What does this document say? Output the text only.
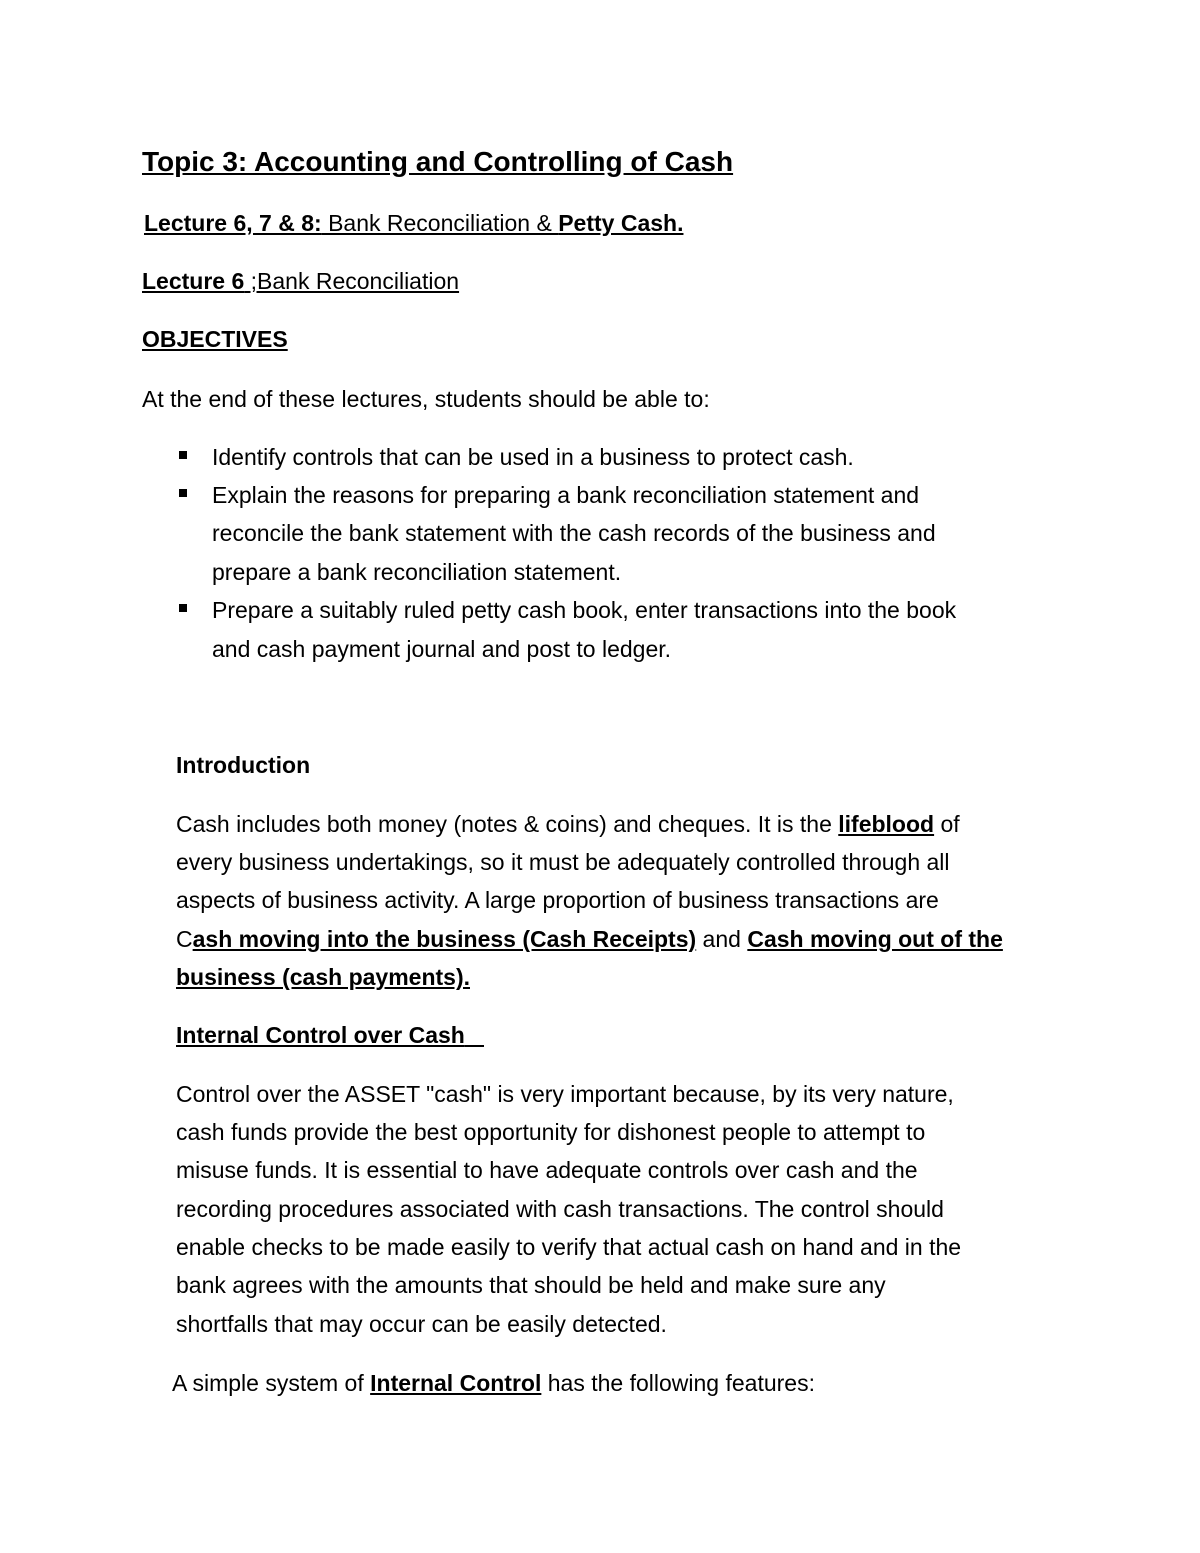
Topic 3: Accounting and Controlling of Cash
Lecture 6, 7 & 8: Bank Reconciliation & Petty Cash.
Lecture 6 ;Bank Reconciliation
OBJECTIVES
At the end of these lectures, students should be able to:
Identify controls that can be used in a business to protect cash.
Explain the reasons for preparing a bank reconciliation statement and
reconcile the bank statement with the cash records of the business and
prepare a bank reconciliation statement.
Prepare a suitably ruled petty cash book, enter transactions into the book
and cash payment journal and post to ledger.
Introduction
Cash includes both money (notes & coins) and cheques. It is the lifeblood of
every business undertakings, so it must be adequately controlled through all
aspects of business activity. A large proportion of business transactions are
Cash moving into the business (Cash Receipts) and Cash moving out of the
business (cash payments).
Internal Control over Cash
Control over the ASSET "cash" is very important because, by its very nature,
cash funds provide the best opportunity for dishonest people to attempt to
misuse funds. It is essential to have adequate controls over cash and the
recording procedures associated with cash transactions. The control should
enable checks to be made easily to verify that actual cash on hand and in the
bank agrees with the amounts that should be held and make sure any
shortfalls that may occur can be easily detected.
A simple system of Internal Control has the following features:
